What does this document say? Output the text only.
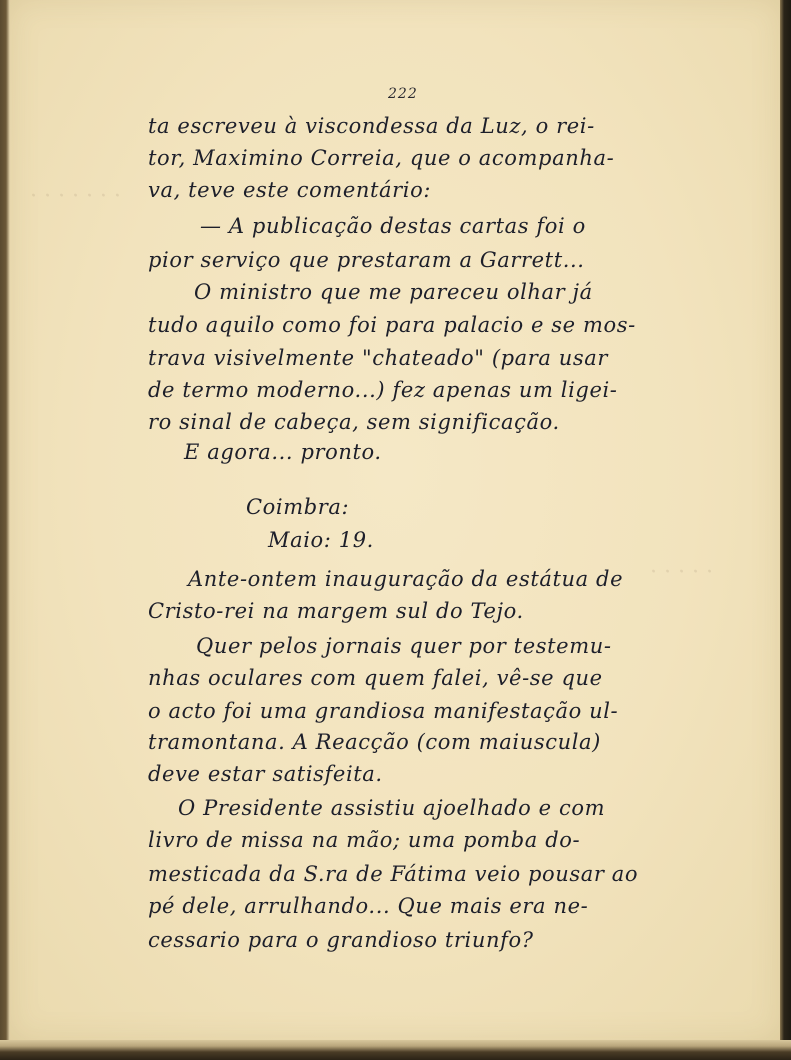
· · · · · · ·
· · · · ·
222
ta escreveu à viscondessa da Luz, o rei-
tor, Maximino Correia, que o acompanha-
va, teve este comentário:
— A publicação destas cartas foi o
pior serviço que prestaram a Garrett...
O ministro que me pareceu olhar já
tudo aquilo como foi para palacio e se mos-
trava visivelmente "chateado" (para usar
de termo moderno...) fez apenas um ligei-
ro sinal de cabeça, sem significação.
E agora... pronto.
Coimbra:
Maio: 19.
Ante-ontem inauguração da estátua de
Cristo-rei na margem sul do Tejo.
Quer pelos jornais quer por testemu-
nhas oculares com quem falei, vê-se que
o acto foi uma grandiosa manifestação ul-
tramontana. A Reacção (com maiuscula)
deve estar satisfeita.
O Presidente assistiu ajoelhado e com
livro de missa na mão; uma pomba do-
mesticada da S.ra de Fátima veio pousar ao
pé dele, arrulhando... Que mais era ne-
cessario para o grandioso triunfo?
